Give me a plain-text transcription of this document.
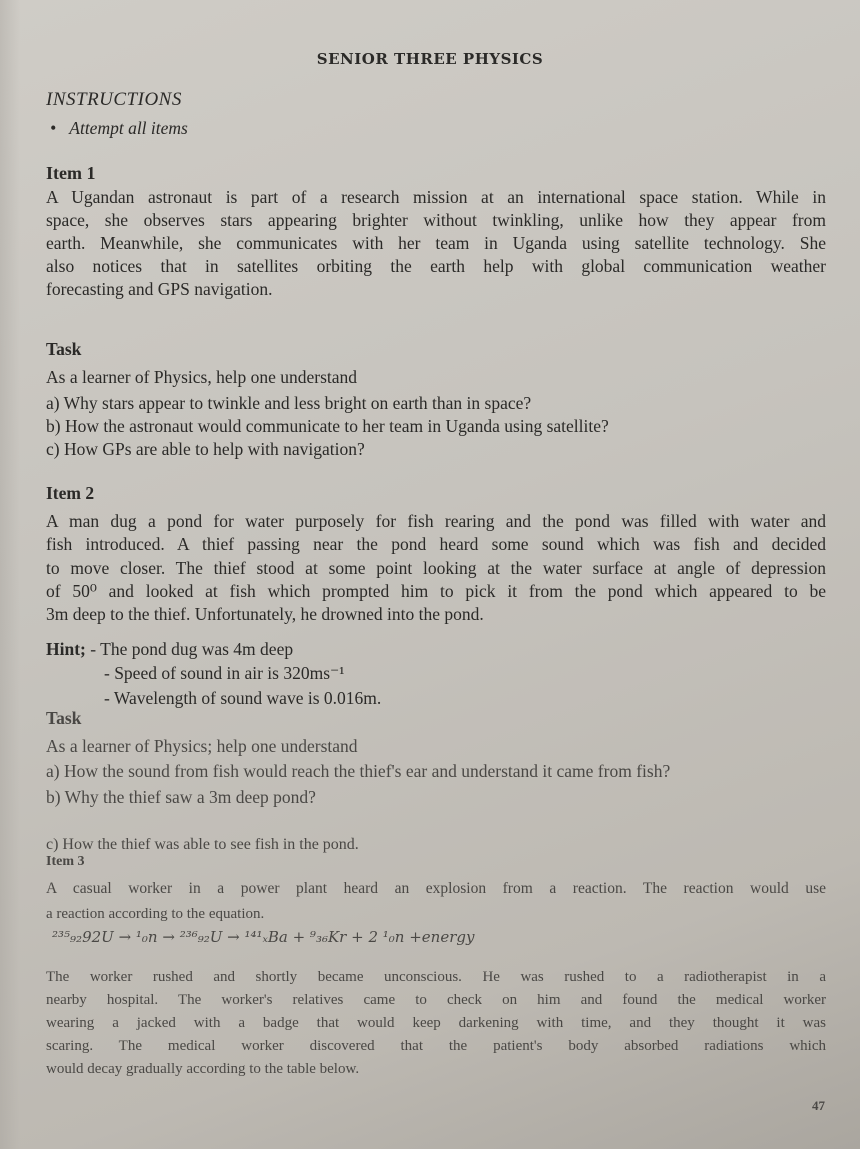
SENIOR THREE PHYSICS
INSTRUCTIONS
•   Attempt all items
Item 1
A Ugandan astronaut is part of a research mission at an international space station. While in
space, she observes stars appearing brighter without twinkling, unlike how they appear from
earth. Meanwhile, she communicates with her team in Uganda using satellite technology. She
also notices that in satellites orbiting the earth help with global communication weather
forecasting and GPS navigation.
Task
As a learner of Physics, help one understand
a) Why stars appear to twinkle and less bright on earth than in space?
b) How the astronaut would communicate to her team in Uganda using satellite?
c) How GPs are able to help with navigation?
Item 2
A man dug a pond for water purposely for fish rearing and the pond was filled with water and
fish introduced. A thief passing near the pond heard some sound which was fish and decided
to move closer. The thief stood at some point looking at the water surface at angle of depression
of 50⁰ and looked at fish which prompted him to pick it from the pond which appeared to be
3m deep to the thief. Unfortunately, he drowned into the pond.
Hint; - The pond dug was 4m deep
- Speed of sound in air is 320ms⁻¹
- Wavelength of sound wave is 0.016m.
Task
As a learner of Physics; help one understand
a) How the sound from fish would reach the thief's ear and understand it came from fish?
b) Why the thief saw a 3m deep pond?
c) How the thief was able to see fish in the pond.
Item 3
A casual worker in a power plant heard an explosion from a reaction. The reaction would use
a reaction according to the equation.
²³⁵₉₂92U → ¹₀n → ²³⁶₉₂U → ¹⁴¹ₓBa + ⁹₃₆Kr + 2 ¹₀n +energy
The worker rushed and shortly became unconscious. He was rushed to a radiotherapist in a
nearby hospital. The worker's relatives came to check on him and found the medical worker
wearing a jacked with a badge that would keep darkening with time, and they thought it was
scaring. The medical worker discovered that the patient's body absorbed radiations which
would decay gradually according to the table below.
47
